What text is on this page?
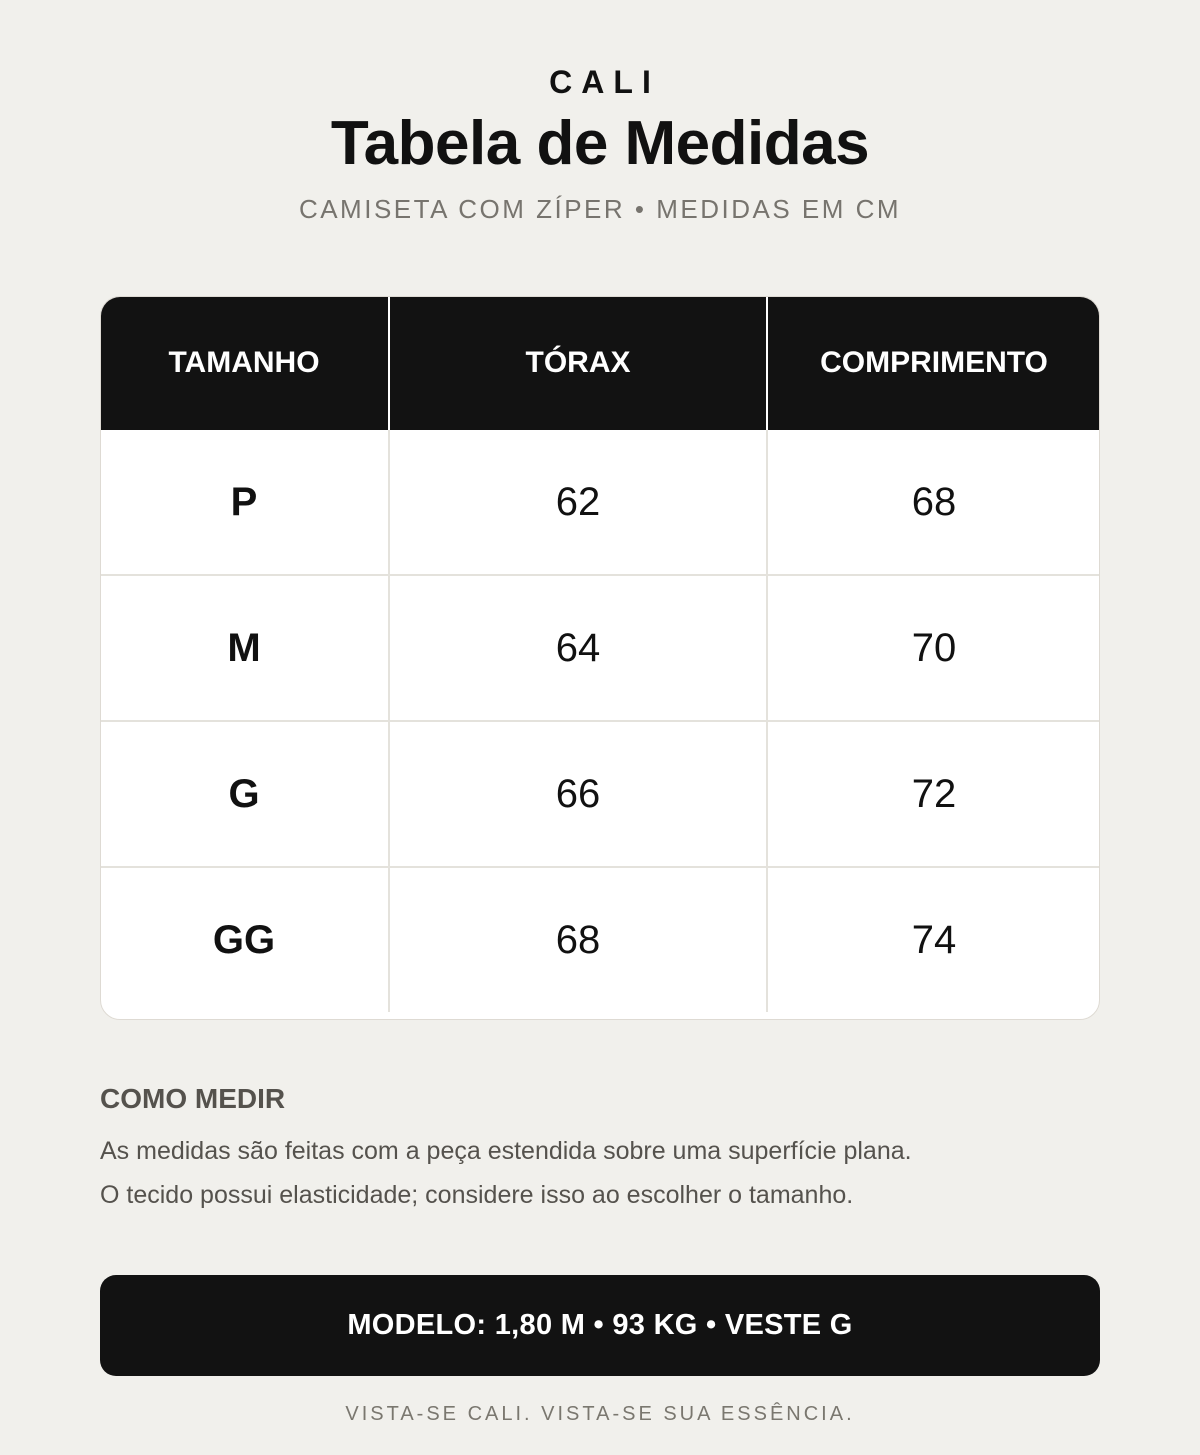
CALI
Tabela de Medidas
CAMISETA COM ZÍPER • MEDIDAS EM CM
TAMANHO	TÓRAX	COMPRIMENTO
P	62	68
M	64	70
G	66	72
GG	68	74
COMO MEDIR
As medidas são feitas com a peça estendida sobre uma superfície plana.
O tecido possui elasticidade; considere isso ao escolher o tamanho.
MODELO: 1,80 M • 93 KG • VESTE G
VISTA-SE CALI. VISTA-SE SUA ESSÊNCIA.
